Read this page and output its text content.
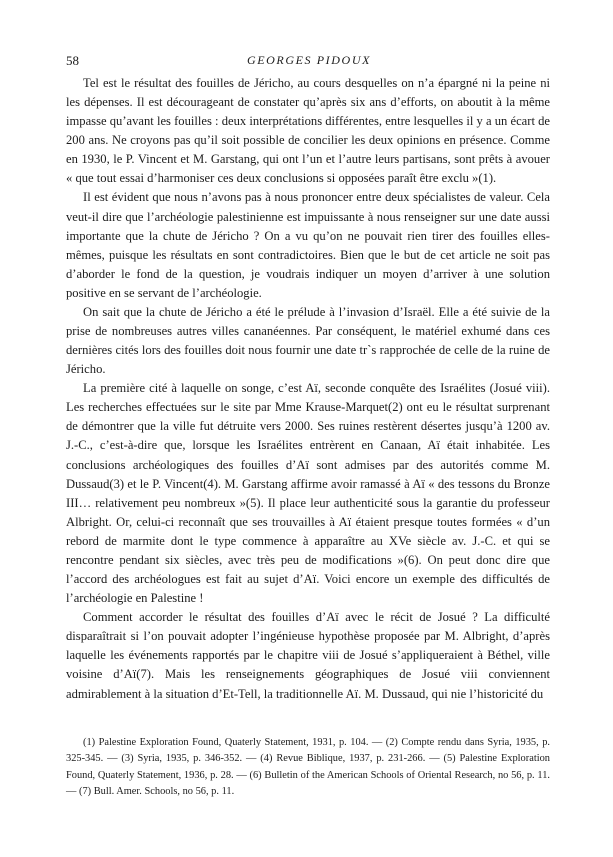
58	GEORGES PIDOUX

Tel est le résultat des fouilles de Jéricho, au cours desquelles on n’a épargné ni la peine ni les dépenses. Il est décourageant de constater qu’après six ans d’efforts, on aboutit à la même impasse qu’avant les fouilles : deux interprétations différentes, entre lesquelles il y a un écart de 200 ans. Ne croyons pas qu’il soit possible de concilier les deux opinions en présence. Comme en 1930, le P. Vincent et M. Garstang, qui ont l’un et l’autre leurs partisans, sont prêts à avouer « que tout essai d’harmoniser ces deux conclusions si opposées paraît être exclu »(1).

Il est évident que nous n’avons pas à nous prononcer entre deux spécialistes de valeur. Cela veut-il dire que l’archéologie palestinienne est impuissante à nous renseigner sur une date aussi importante que la chute de Jéricho ? On a vu qu’on ne pouvait rien tirer des fouilles elles-mêmes, puisque les résultats en sont contradictoires. Bien que le but de cet article ne soit pas d’aborder le fond de la question, je voudrais indiquer un moyen d’arriver à une solution positive en se servant de l’archéologie.

On sait que la chute de Jéricho a été le prélude à l’invasion d’Israël. Elle a été suivie de la prise de nombreuses autres villes cananéennes. Par conséquent, le matériel exhumé dans ces dernières cités lors des fouilles doit nous fournir une date tr`s rapprochée de celle de la ruine de Jéricho.

La première cité à laquelle on songe, c’est Aï, seconde conquête des Israélites (Josué viii). Les recherches effectuées sur le site par Mme Krause-Marquet(2) ont eu le résultat surprenant de démontrer que la ville fut détruite vers 2000. Ses ruines restèrent désertes jusqu’à 1200 av. J.-C., c’est-à-dire que, lorsque les Israélites entrèrent en Canaan, Aï était inhabitée. Les conclusions archéologiques des fouilles d’Aï sont admises par des autorités comme M. Dussaud(3) et le P. Vincent(4). M. Garstang affirme avoir ramassé à Aï « des tessons du Bronze III… relativement peu nombreux »(5). Il place leur authenticité sous la garantie du professeur Albright. Or, celui-ci reconnaît que ses trouvailles à Aï étaient presque toutes formées « d’un rebord de marmite dont le type commence à apparaître au XVe siècle av. J.-C. et qui se rencontre pendant six siècles, avec très peu de modifications »(6). On peut donc dire que l’accord des archéologues est fait au sujet d’Aï. Voici encore un exemple des difficultés de l’archéologie en Palestine !

Comment accorder le résultat des fouilles d’Aï avec le récit de Josué ? La difficulté disparaîtrait si l’on pouvait adopter l’ingénieuse hypothèse proposée par M. Albright, d’après laquelle les événements rapportés par le chapitre viii de Josué s’appliqueraient à Béthel, ville voisine d’Aï(7). Mais les renseignements géographiques de Josué viii conviennent admirablement à la situation d’Et-Tell, la traditionnelle Aï. M. Dussaud, qui nie l’historicité du

(1) Palestine Exploration Found, Quaterly Statement, 1931, p. 104. — (2) Compte rendu dans Syria, 1935, p. 325-345. — (3) Syria, 1935, p. 346-352. — (4) Revue Biblique, 1937, p. 231-266. — (5) Palestine Exploration Found, Quaterly Statement, 1936, p. 28. — (6) Bulletin of the American Schools of Oriental Research, no 56, p. 11. — (7) Bull. Amer. Schools, no 56, p. 11.
